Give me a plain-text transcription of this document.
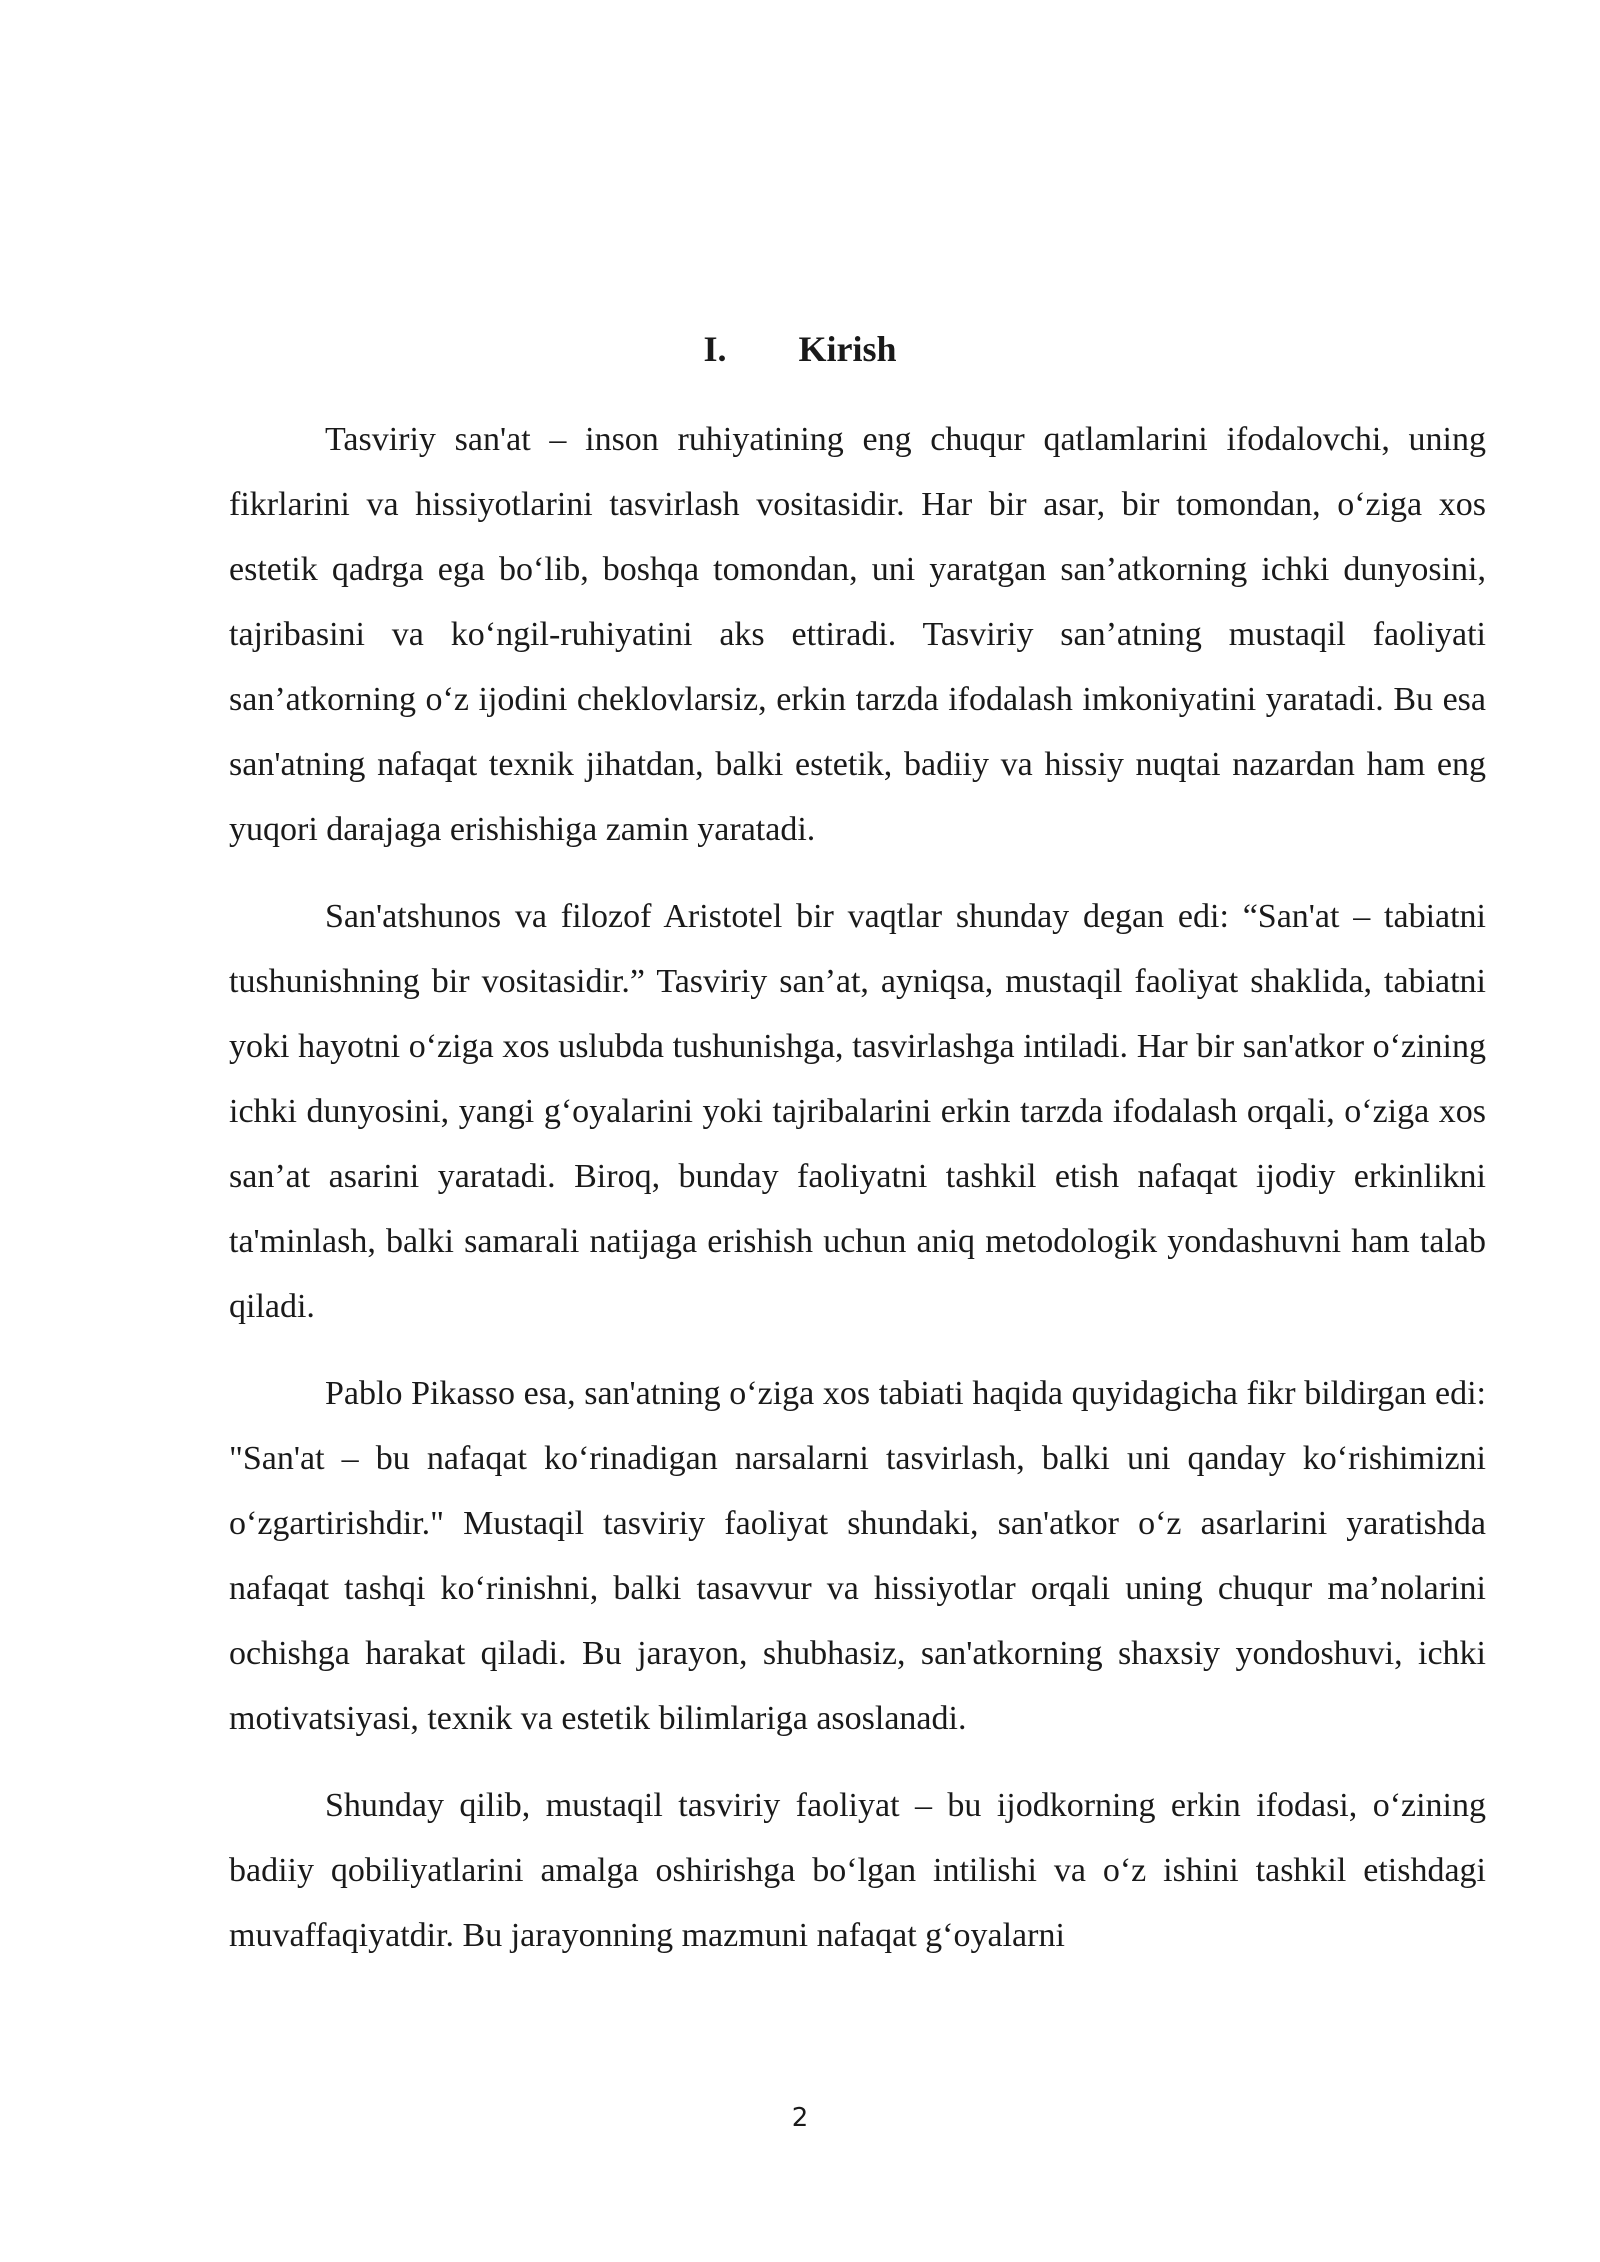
I. Kirish

Tasviriy san'at – inson ruhiyatining eng chuqur qatlamlarini ifodalovchi, uning fikrlarini va hissiyotlarini tasvirlash vositasidir. Har bir asar, bir tomondan, o‘ziga xos estetik qadrga ega bo‘lib, boshqa tomondan, uni yaratgan san’atkorning ichki dunyosini, tajribasini va ko‘ngil-ruhiyatini aks ettiradi. Tasviriy san’atning mustaqil faoliyati san’atkorning o‘z ijodini cheklovlarsiz, erkin tarzda ifodalash imkoniyatini yaratadi. Bu esa san'atning nafaqat texnik jihatdan, balki estetik, badiiy va hissiy nuqtai nazardan ham eng yuqori darajaga erishishiga zamin yaratadi.

San'atshunos va filozof Aristotel bir vaqtlar shunday degan edi: “San'at – tabiatni tushunishning bir vositasidir.” Tasviriy san’at, ayniqsa, mustaqil faoliyat shaklida, tabiatni yoki hayotni o‘ziga xos uslubda tushunishga, tasvirlashga intiladi. Har bir san'atkor o‘zining ichki dunyosini, yangi g‘oyalarini yoki tajribalarini erkin tarzda ifodalash orqali, o‘ziga xos san’at asarini yaratadi. Biroq, bunday faoliyatni tashkil etish nafaqat ijodiy erkinlikni ta'minlash, balki samarali natijaga erishish uchun aniq metodologik yondashuvni ham talab qiladi.

Pablo Pikasso esa, san'atning o‘ziga xos tabiati haqida quyidagicha fikr bildirgan edi: "San'at – bu nafaqat ko‘rinadigan narsalarni tasvirlash, balki uni qanday ko‘rishimizni o‘zgartirishdir." Mustaqil tasviriy faoliyat shundaki, san'atkor o‘z asarlarini yaratishda nafaqat tashqi ko‘rinishni, balki tasavvur va hissiyotlar orqali uning chuqur ma’nolarini ochishga harakat qiladi. Bu jarayon, shubhasiz, san'atkorning shaxsiy yondoshuvi, ichki motivatsiyasi, texnik va estetik bilimlariga asoslanadi.

Shunday qilib, mustaqil tasviriy faoliyat – bu ijodkorning erkin ifodasi, o‘zining badiiy qobiliyatlarini amalga oshirishga bo‘lgan intilishi va o‘z ishini tashkil etishdagi muvaffaqiyatdir. Bu jarayonning mazmuni nafaqat g‘oyalarni

2
